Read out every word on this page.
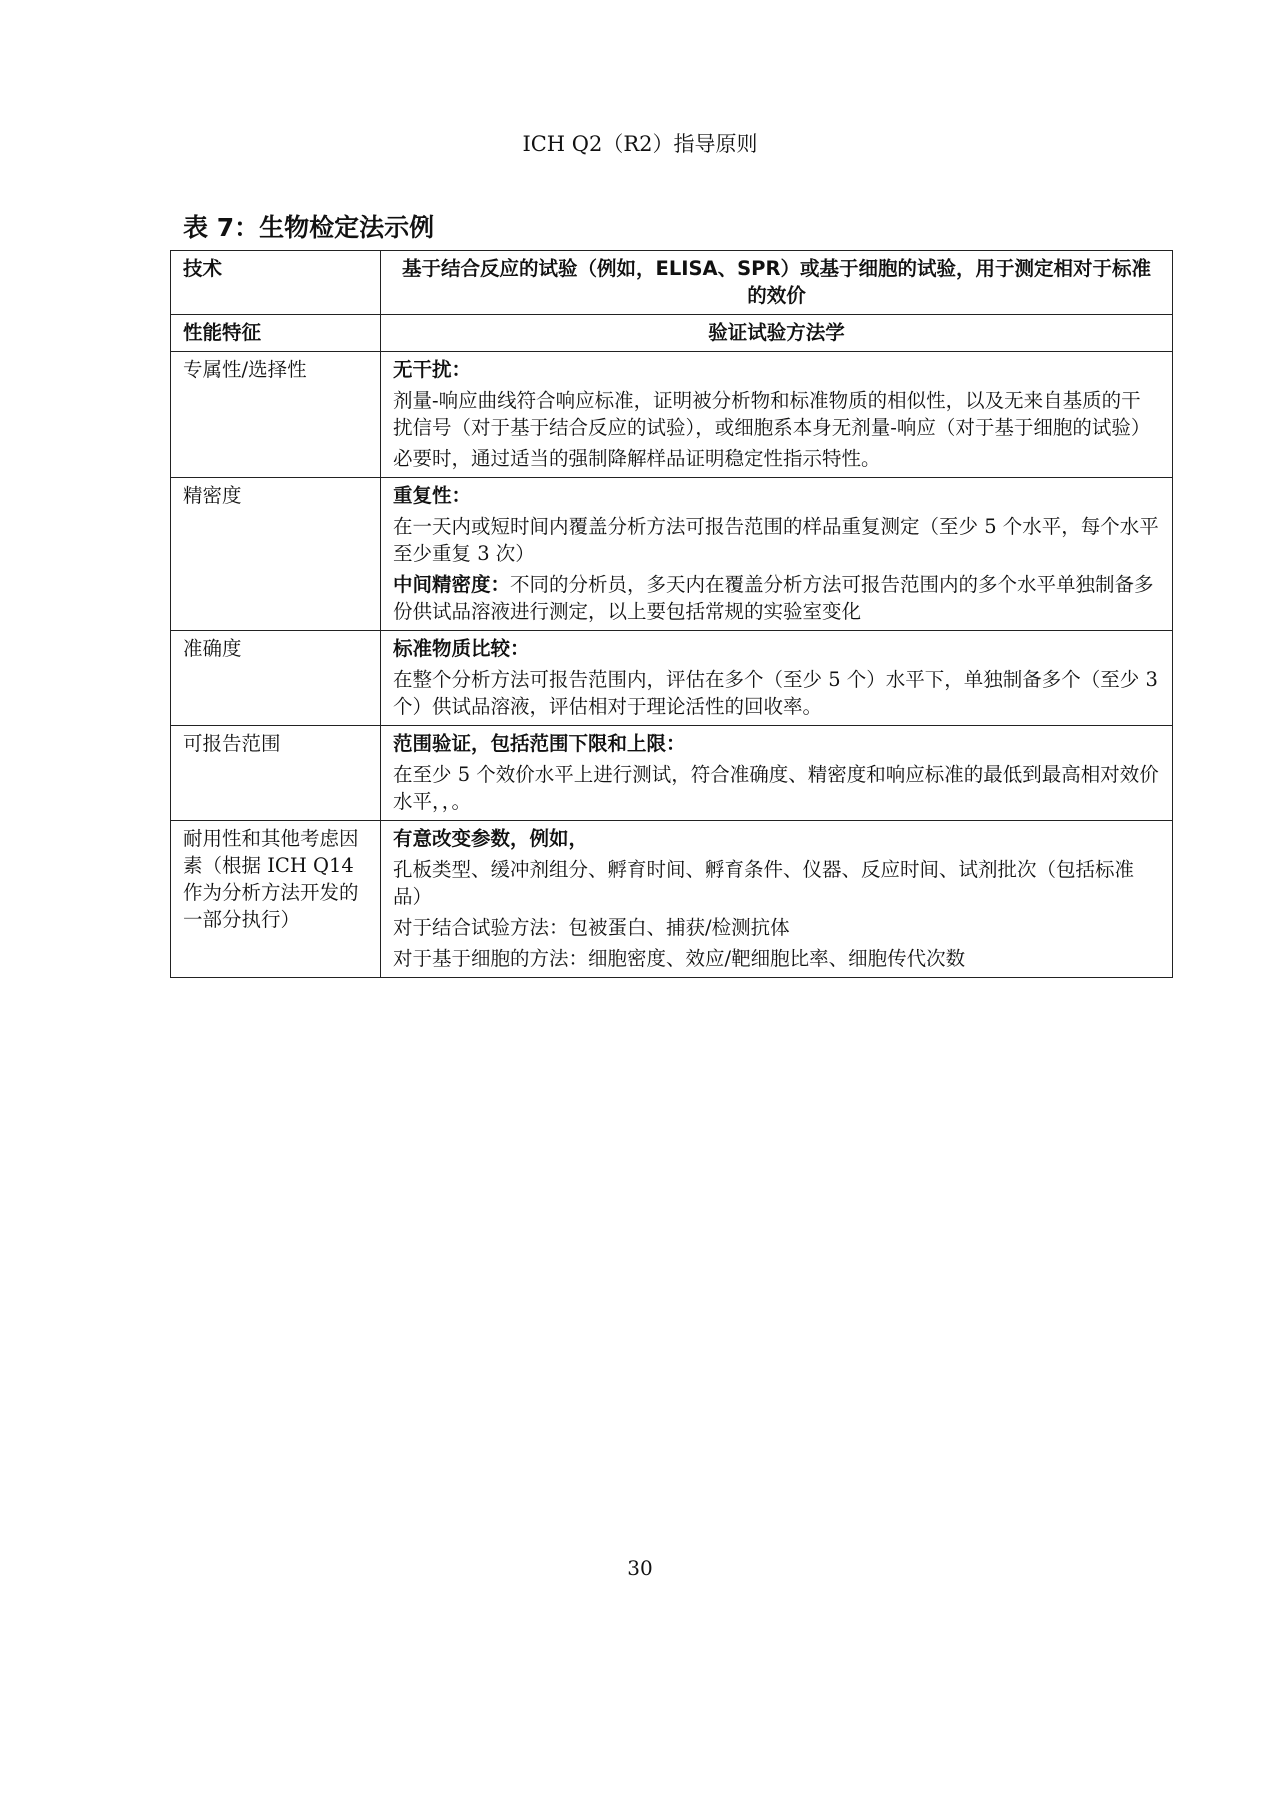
ICH Q2（R2）指导原则
表 7：生物检定法示例
技术	基于结合反应的试验（例如，ELISA、SPR）或基于细胞的试验，用于测定相对于标准的效价
性能特征	验证试验方法学
专属性/选择性	无干扰：
剂量-响应曲线符合响应标准，证明被分析物和标准物质的相似性，以及无来自基质的干扰信号（对于基于结合反应的试验），或细胞系本身无剂量-响应（对于基于细胞的试验）
必要时，通过适当的强制降解样品证明稳定性指示特性。

精密度	重复性：
在一天内或短时间内覆盖分析方法可报告范围的样品重复测定（至少 5 个水平，每个水平至少重复 3 次）
中间精密度：不同的分析员，多天内在覆盖分析方法可报告范围内的多个水平单独制备多份供试品溶液进行测定，以上要包括常规的实验室变化

准确度	标准物质比较：
在整个分析方法可报告范围内，评估在多个（至少 5 个）水平下，单独制备多个（至少 3 个）供试品溶液，评估相对于理论活性的回收率。

可报告范围	范围验证，包括范围下限和上限：
在至少 5 个效价水平上进行测试，符合准确度、精密度和响应标准的最低到最高相对效价水平，，。

耐用性和其他考虑因素（根据 ICH Q14 作为分析方法开发的一部分执行）	有意改变参数，例如，
孔板类型、缓冲剂组分、孵育时间、孵育条件、仪器、反应时间、试剂批次（包括标准品）
对于结合试验方法：包被蛋白、捕获/检测抗体
对于基于细胞的方法：细胞密度、效应/靶细胞比率、细胞传代次数
30
